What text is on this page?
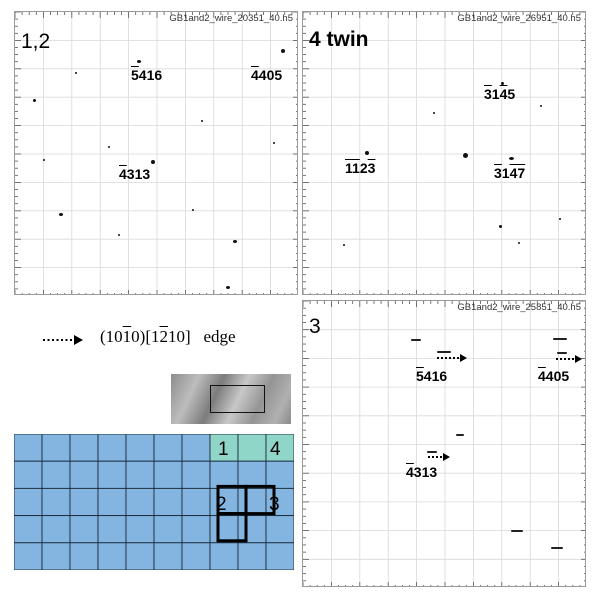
GB1and2_wire_20351_40.h5
1,2
5416	4405
4313
GB1and2_wire_26951_40.h5
4 twin
3145
1123	3147
GB1and2_wire_25851_40.h5
3
5416	4405
4313
(1010)[1210] edge
1 4
2 3
